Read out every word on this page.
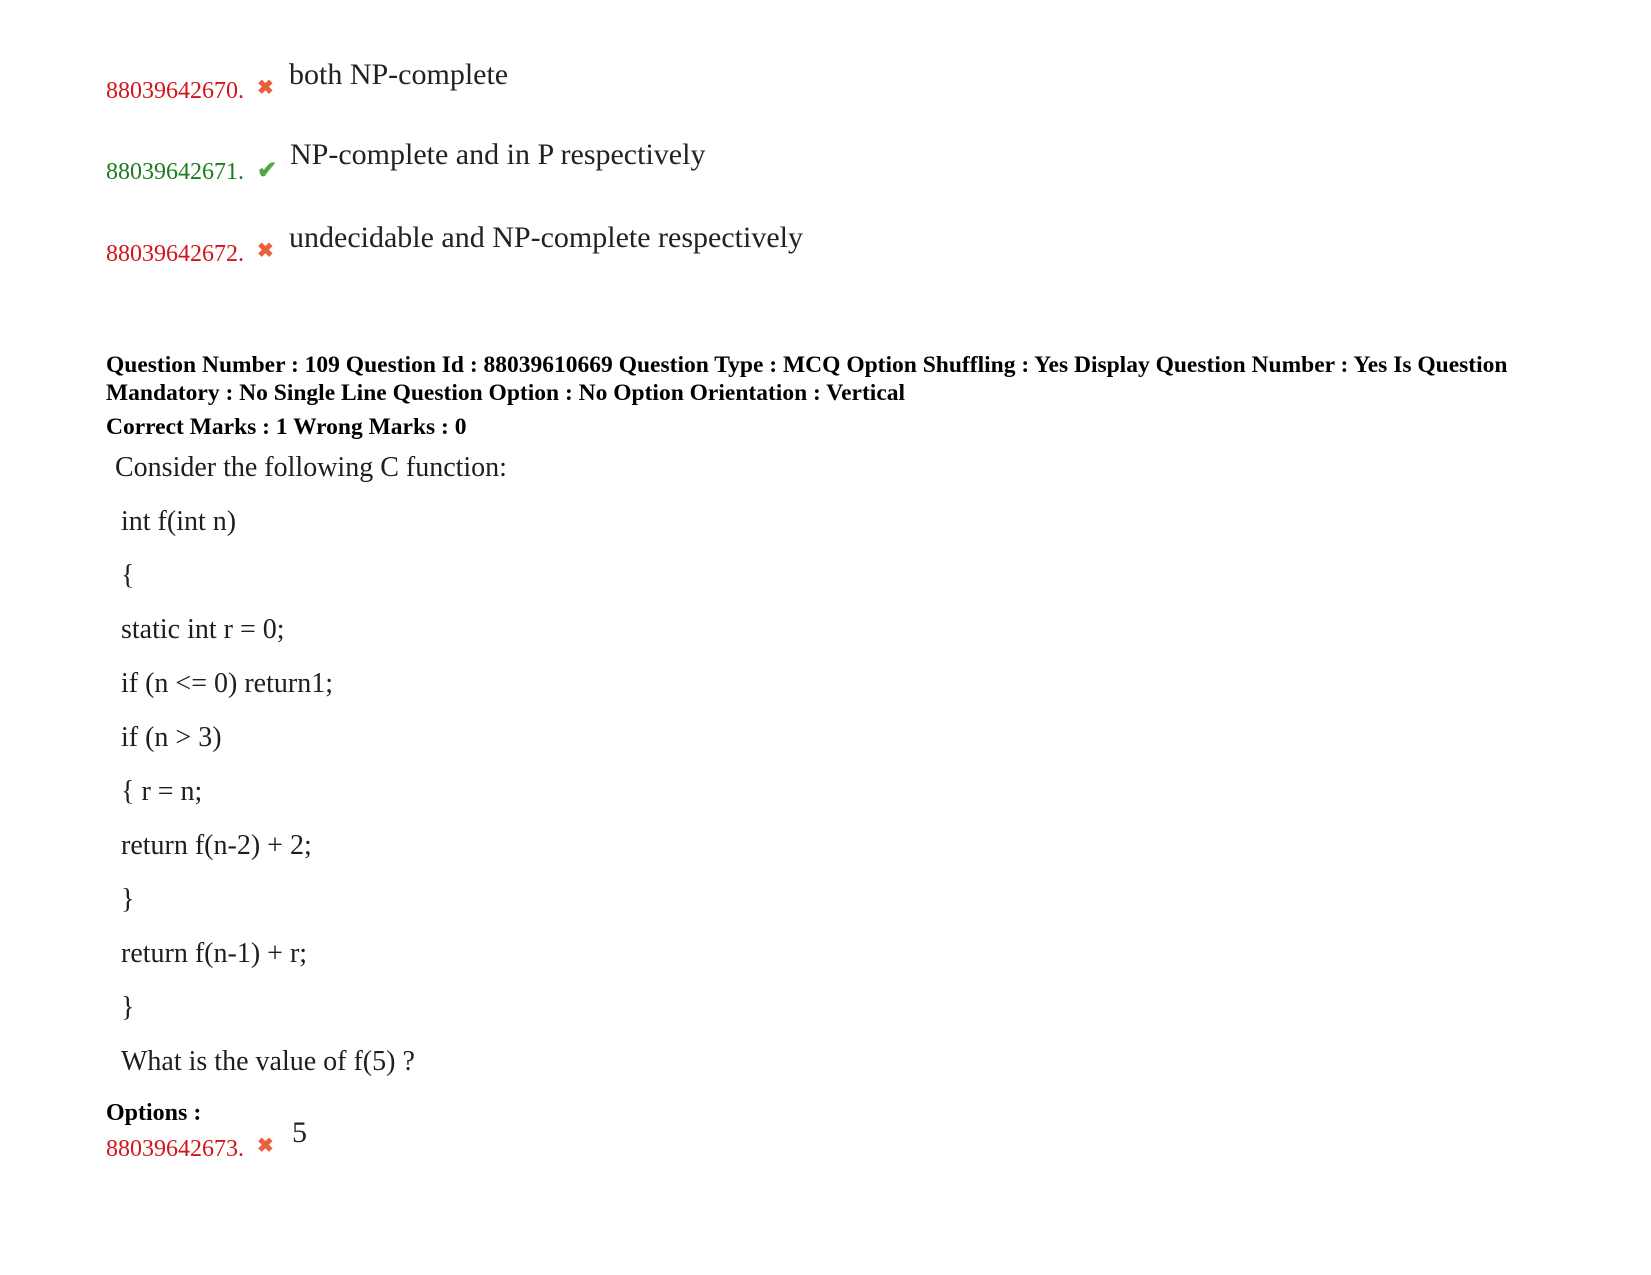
88039642670. ✖ both NP-complete
88039642671. ✔ NP-complete and in P respectively
88039642672. ✖ undecidable and NP-complete respectively
Question Number : 109 Question Id : 88039610669 Question Type : MCQ Option Shuffling : Yes Display Question Number : Yes Is Question Mandatory : No Single Line Question Option : No Option Orientation : Vertical
Correct Marks : 1 Wrong Marks : 0
Consider the following C function:
int f(int n)
{
static int r = 0;
if (n <= 0) return1;
if (n > 3)
{ r = n;
return f(n-2) + 2;
}
return f(n-1) + r;
}
What is the value of f(5) ?
Options :
88039642673. ✖ 5
